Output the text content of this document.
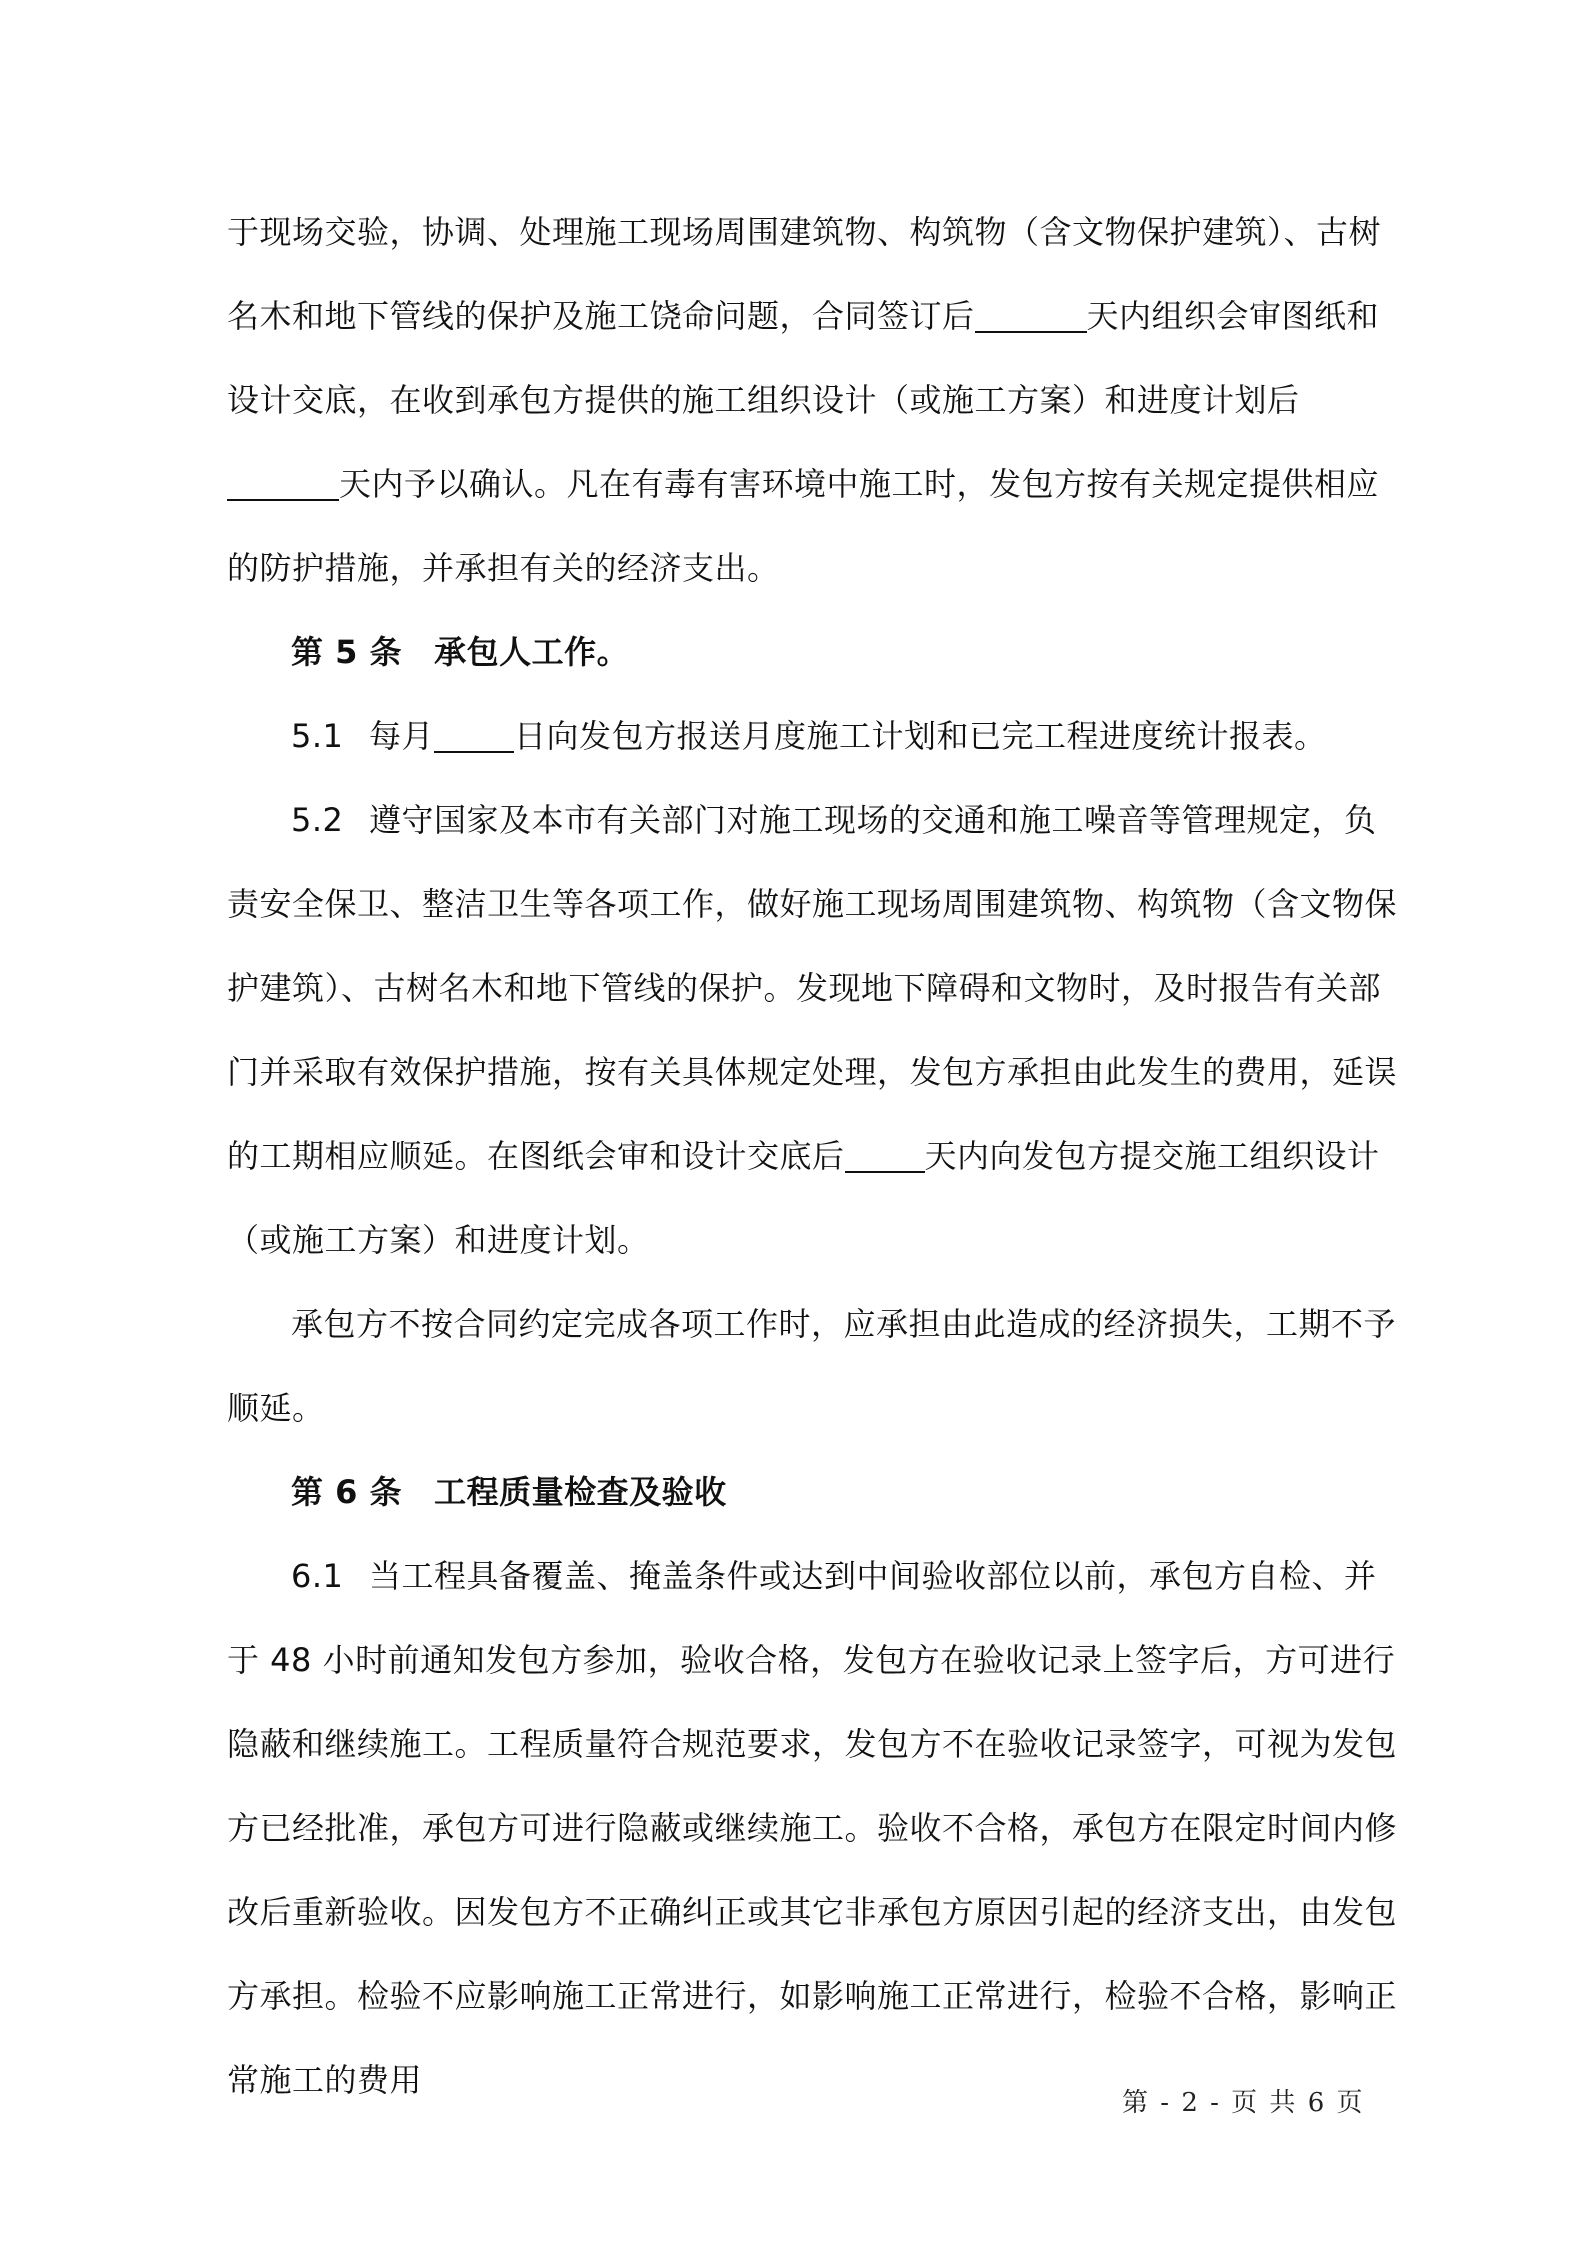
于现场交验，协调、处理施工现场周围建筑物、构筑物（含文物保护建筑）、古树名木和地下管线的保护及施工饶命问题，合同签订后	天内组织会审图纸和设计交底，在收到承包方提供的施工组织设计（或施工方案）和进度计划后天内予以确认。凡在有毒有害环境中施工时，发包方按有关规定提供相应的防护措施，并承担有关的经济支出。

第 5 条 承包人工作。

5.1 每月	日向发包方报送月度施工计划和已完工程进度统计报表。

5.2 遵守国家及本市有关部门对施工现场的交通和施工噪音等管理规定，负责安全保卫、整洁卫生等各项工作，做好施工现场周围建筑物、构筑物（含文物保护建筑）、古树名木和地下管线的保护。发现地下障碍和文物时，及时报告有关部门并采取有效保护措施，按有关具体规定处理，发包方承担由此发生的费用，延误的工期相应顺延。在图纸会审和设计交底后	天内向发包方提交施工组织设计（或施工方案）和进度计划。

承包方不按合同约定完成各项工作时，应承担由此造成的经济损失，工期不予顺延。

第 6 条 工程质量检查及验收

6.1 当工程具备覆盖、掩盖条件或达到中间验收部位以前，承包方自检、并于 48 小时前通知发包方参加，验收合格，发包方在验收记录上签字后，方可进行隐蔽和继续施工。工程质量符合规范要求，发包方不在验收记录签字，可视为发包方已经批准，承包方可进行隐蔽或继续施工。验收不合格，承包方在限定时间内修改后重新验收。因发包方不正确纠正或其它非承包方原因引起的经济支出，由发包方承担。检验不应影响施工正常进行，如影响施工正常进行，检验不合格，影响正常施工的费用

第 - 2 - 页 共 6 页
